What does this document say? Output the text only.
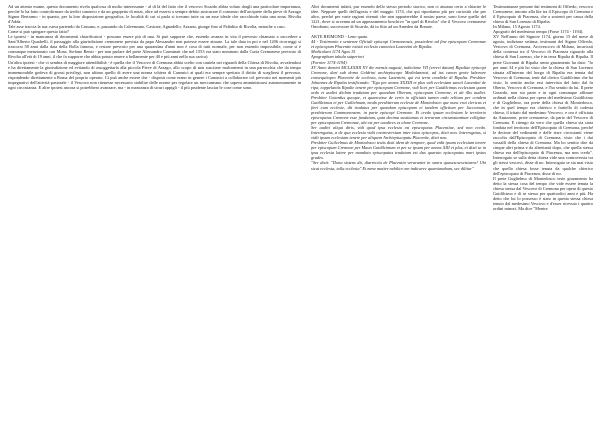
Ad un attento esame, questo documento rivela qualcosa di molto interessante - al di là del fatto che il vescovo Sicardo abbia voluto dargli una particolare importanza, perché lo ha fatto controfirmare da tredici canonici e da un gruppetto di notai, oltre ad essersi a sempre debito assicurare il consenso dell'arciprete della pieve di Azzago Signor Bertramo - in quanto, per la loro disposizione geografica, le località di cui si parla si trovano tutte su un asse ideale che raccchiude tutta una zona, Rivolta d'Adda.

Tale asse traccia la sua curva partendo da Cassano, e, passando da Calvenzano, Casirate, Agnadello, Azzano, giunge fino al Palàdiso di Rivolta, neanche a caso.

Come si può spiegare questo fatto?

Le ipotesi - in mancanza di documenti chiarificatori - possono essere più di una. Si può supporre che, essendo avanzo in vita il prevosto chiamato a succedere a Sant'Alberto Quadrelli, il passaggio alla giurisdizione cremonese prevista da papa Alessandro non potesse essere attuato. La tale data in poi e nel 1206 ricorreggi si trascorsi 58 anni dalla data della Bolla famosa, e restare prevosto per una quarantina d'anni non è cosa di tutti normale, per non essendo impossibile, come si è comunque menzionato con Mons. Stefano Renzi - per non parlare del prete Alessandro Carminati che nel 1553 era stato nominato dalla Curia Cremonese prevosto di Rivolta all'età di 19 anni, il che fa supporre che abbia potuto reuere a bellamente per 40 e più anni nella sua carica).

Un'altra ipotesi - che ci sembra di maggiore attendibilità - è quella che il Vescovo di Cremona abbia scelto con cautela nei riguardi della Chiesa di Rivolta, avvalendosi e ha direttamente la giurisdizione ed evitando di assoggettarla alla piccola Pieve di Arzago, allo scopo di non suscitare malcontenti in una parrocchia che da tempo immemorabile godeva di grossi privilegi, non ultimo quello di avere una norma schiera di Canonici ai quali era sempre spettato il diritto di scegliersi il prevosto, rispondendo direttamente a Roma del proprio operato. Ci può anche essere che - disposti come erano in genere i Canonici a collaborare col prevosto nei momenti più impegnativi dell'attività pastorale - il Vescovo non ritenesse necessario stabilire delle norme per regolare un meccanismo che sapeva amministrarsi autonomamente in ogni circostanza. E altre ipotesi ancora si potrebbero avanzare, ma - in mancanza di sicuri appigli - il più prudente lasciar le cose come sono.

Altri documenti infatti, pur essendo dello stesso periodo storico, non ci aiutano certo a chiarire le idee. Neppure quelli dell'agosto e del maggio 1174, che qui riportiamo più per curiosità che per altro, perché per varie ragioni ritenuti che non apparterebbe il nostro paese, sono forse quello del 1221, dove si accenna ad un appezzamento boschivo "in quel di Rivolta" che il Vescovo cremonese Omobono, successore di Sicardo, dà in fitto ad un Amedeo da Bonate.

AKTE REIMOND - Leno quato.

44 - Testimonio e sentenze Oficiali episcopi Cremonensis, possiedere ad fine episcopum Cremonae et episcopum Placentie existit ecclesia canonica Laxentini de Ripalta.

Medicolani 1174 Agos 15

Apographum tabula sutperiori

(Fornier 1174-1194)

XV Anno domini MCLXXIIII XV die mensis augusti, indictione VII (erreri datum) Ripaltae episcopi Cremone, dari sub domo Goldrini archiepiscopo Mediolanensi, ad ius canon gente laborare consequitopro Placentie de ecclesia, nunc Laxentini, qui est terra condirke di Ripalta. Presbiter Johannes de Ripalta testificando: "Ego per annos XXXIII et plus vidi ecclesiam sancti Laxentini de ripa, eappelantis Ripalte tenere per episcopum Cremone, vidi licet per Guidilcimus ecclesium quam ordo et audivi diclam tradatam per quondam Oberum, episcopum Cremone, et ab illis audivi. Presbiter Gotardus quoque, et quaenvisse de certo in officiatis tamen ordo relitum per condem Guidilcimus et per Guilielmum, modo presbiterum ecclesie de Montedosco que nunc erat clericus et fieri eum ecclesie, dit tradatus per quondam episcopum et tandem officitum per Jaccomum, presbiterum Commonensem, in parte episcopi Cremone. Et credo ipsum ecclesiam le territorio episcopatus Cremone esse fundatum, quia decima sustitumus et terrarum circumstantium colligitur per episcopatum Cremonae, ubi est per caudices es alone Cremone.

Ser audivi aliqui diris, vidi quod ipsa ecclesia est episcopatus Placentiae, sed non credo. Interrogatus, a de qua ecclesia vidit controversiam inter istos episcopos, dixit non. Interrogatus, si vidit ipsum ecclesiam tenere per aliquem Archiepiscopatu Placentie, dixit non.

Presbiter Guilcelmus de Montedosco testis dixit idem de tempore, quod vidit ipsam ecclesiam tenere per episcopum Cremone per Maun Guidilcimum et per se ipsum per annos XIII et plus, et dixit se in ipsa ecclesia latere per mandato episcopatus tradatum est dux quarato episcopatus mari ipsius grades.

"Ser dixit: "Dona sistens dit, diarreciia de Placentia veraruntet in sanra quasescsesvistarra! Ubi sicut ecclesia, tolla ecclesia" Et mese matter nebilice me indicarec quaesimabum, sec dilitur"

Testimonianze presone dai testimoni di Offredo, vescovo Cremonese, intorno alla lite tra il Episcopo di Cremona e il Episcopato di Piacenza, che a sostenti per causa della chiesa di San Lorenzo di Ripalta.

In Milano, 15 Agosto 1174.

Apografo del medesimo tempo (Forse 1174 - 1194).

XV Nell'anno del Signore 1174, giorno 15 del mese di agosto, indizione settima, testimoni del Signor Offredo, Vescovo di Cremona, Arcivescovo di Milano, incaricati della contessa tra il Vescovo di Piacenza riguardo alla chiesa di San Lorenzo, che è in terra Ripalta di Ripalta. Il prete Giovanni di Ripalta sento giuramento ha dato: "Io per anni 34 e più ho visto che la chiesa di San Lorenzo situata all'interno del borgo di Ripalta era tenuta dal Vescovo di Cremona, tenit dal clerico Guidilcimo che ha visto, lo sentito anche essi intervista del fatto dal fu Oberto, Vescovo di Cremona, e l'ho sentito da lui. Il prete Gotardo, non sto parte e in ogni comunque affinare ordinati nella chiesa per opera del medesimo Guidilcimo e di Guglielmo, ora prete della chiesa di Montedosco, che in quel tempo era chierico e frattello di codesta chiesa, il tritato dal medesimo Vescovo, e ora è officiata da Amizzone, prete cremonese, da parte del Vescovo di Cremona. E ritengo da vero che quella chiesa sia stata fondata nel territorio dell'Episcopato di Cremona, perché le decime del vedimenti e delle terre circostanti viene raccolta dall'Episcopato di Cremona, visto che i dui vassalli della chiesa di Cremona. Ma ho sentito dire da cinque altri prima e da altrettanti dopo, che quella stessa chiesa era dell'episcopato di Piacenza, ma non credo". Interrogato se sulla detta chiesa vide una controversia tra gli stessi vescovi, disse di no. Interrogato se sia mai visto che quella chiesa fosse tenuta da qualche chierico dell'episcopato di Piacenza, disse di no.

Il prete Guglielmo di Montedosco teste giuramento ha detto la stessa cosa del tempo che vide essere tenuta la chiesa stessa dal Vescovo di Cremona per opera di questo Guidilcimo e di se stesso per quattordici anni e più. Ha detto che lui lo possesso è stato in questa stessa chiesa tenuto dal medesimo Vescovo e d'esser ricevuto i quattro ordini minori. Ma dice "Mentre
